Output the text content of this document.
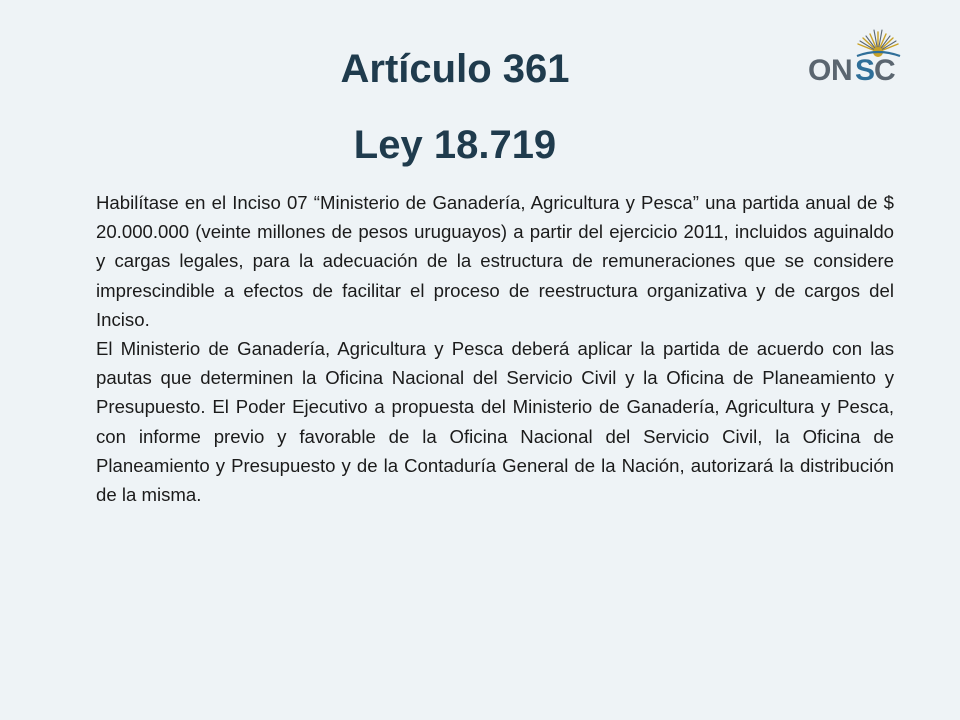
Artículo 361
Ley 18.719
O N S
C

Habilítase en el Inciso 07 “Ministerio de Ganadería, Agricultura y Pesca” una partida anual de $ 20.000.000 (veinte millones de pesos uruguayos) a partir del ejercicio 2011, incluidos aguinaldo y cargas legales, para la adecuación de la estructura de remuneraciones que se considere imprescindible a efectos de facilitar el proceso de reestructura organizativa y de cargos del Inciso.

El Ministerio de Ganadería, Agricultura y Pesca deberá aplicar la partida de acuerdo con las pautas que determinen la Oficina Nacional del Servicio Civil y la Oficina de Planeamiento y Presupuesto. El Poder Ejecutivo a propuesta del Ministerio de Ganadería, Agricultura y Pesca, con informe previo y favorable de la Oficina Nacional del Servicio Civil, la Oficina de Planeamiento y Presupuesto y de la Contaduría General de la Nación, autorizará la distribución de la misma.
